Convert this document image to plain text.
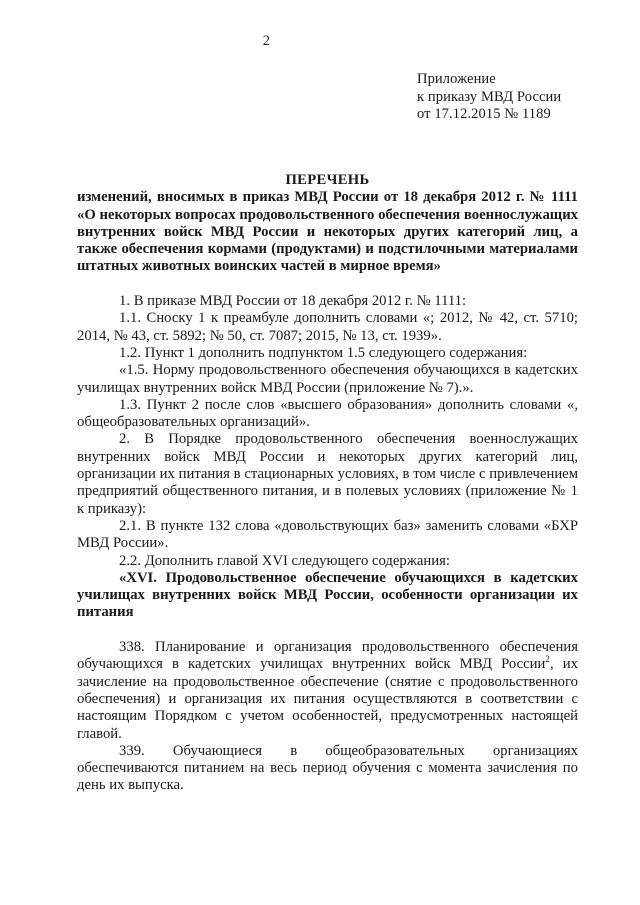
2
Приложение
к приказу МВД России
от 17.12.2015 № 1189
ПЕРЕЧЕНЬ

изменений, вносимых в приказ МВД России от 18 декабря 2012 г. № 1111 «О некоторых вопросах продовольственного обеспечения военнослужащих внутренних войск МВД России и некоторых других категорий лиц, а также обеспечения кормами (продуктами) и подстилочными материалами штатных животных воинских частей в мирное время»

1. В приказе МВД России от 18 декабря 2012 г. № 1111:

1.1. Сноску 1 к преамбуле дополнить словами «; 2012, № 42, ст. 5710; 2014, № 43, ст. 5892; № 50, ст. 7087; 2015, № 13, ст. 1939».

1.2. Пункт 1 дополнить подпунктом 1.5 следующего содержания:

«1.5. Норму продовольственного обеспечения обучающихся в кадетских училищах внутренних войск МВД России (приложение № 7).».

1.3. Пункт 2 после слов «высшего образования» дополнить словами «, общеобразовательных организаций».

2. В Порядке продовольственного обеспечения военнослужащих внутренних войск МВД России и некоторых других категорий лиц, организации их питания в стационарных условиях, в том числе с привлечением предприятий общественного питания, и в полевых условиях (приложение № 1 к приказу):

2.1. В пункте 132 слова «довольствующих баз» заменить словами «БХР МВД России».

2.2. Дополнить главой XVI следующего содержания:

«XVI. Продовольственное обеспечение обучающихся в кадетских училищах внутренних войск МВД России, особенности организации их питания

338. Планирование и организация продовольственного обеспечения обучающихся в кадетских училищах внутренних войск МВД России$^2$, их зачисление на продовольственное обеспечение (снятие с продовольственного обеспечения) и организация их питания осуществляются в соответствии с настоящим Порядком с учетом особенностей, предусмотренных настоящей главой.

339. Обучающиеся в общеобразовательных организациях обеспечиваются питанием на весь период обучения с момента зачисления по день их выпуска.
